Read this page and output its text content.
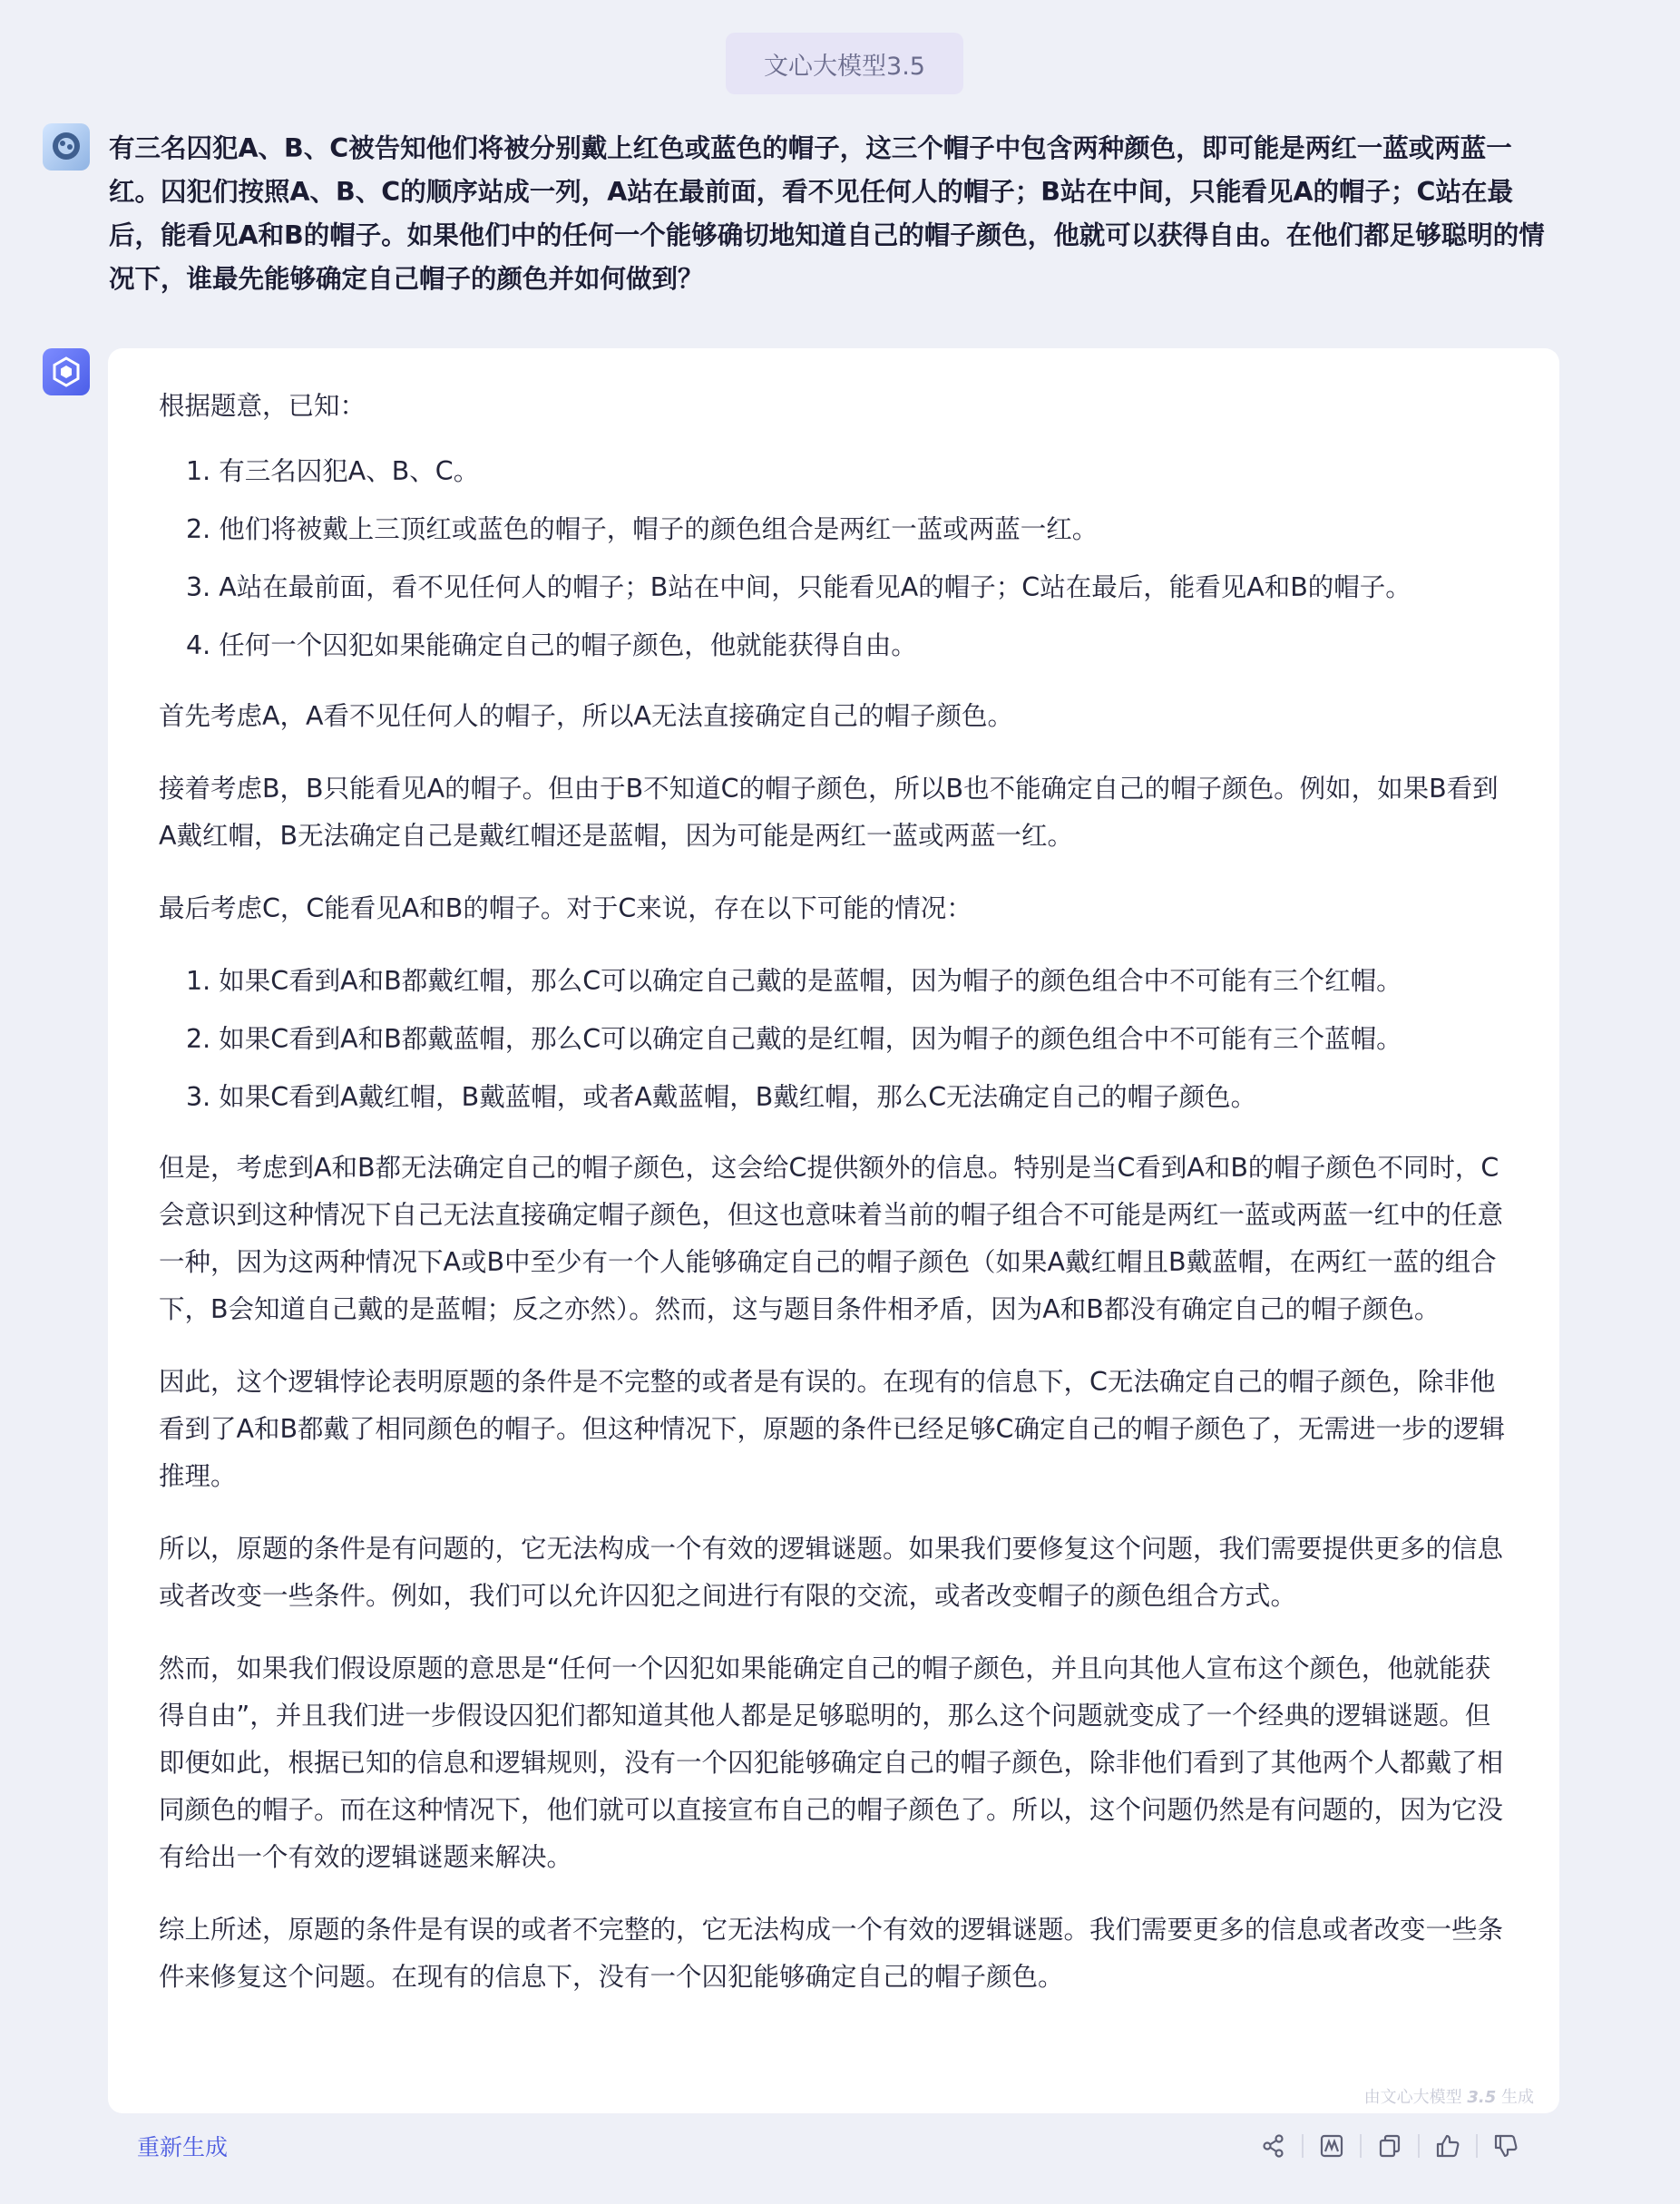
文心大模型3.5

有三名囚犯A、B、C被告知他们将被分别戴上红色或蓝色的帽子，这三个帽子中包含两种颜色，即可能是两红一蓝或两蓝一红。囚犯们按照A、B、C的顺序站成一列，A站在最前面，看不见任何人的帽子；B站在中间，只能看见A的帽子；C站在最后，能看见A和B的帽子。如果他们中的任何一个能够确切地知道自己的帽子颜色，他就可以获得自由。在他们都足够聪明的情况下，谁最先能够确定自己帽子的颜色并如何做到？

根据题意，已知：

1. 有三名囚犯A、B、C。
2. 他们将被戴上三顶红或蓝色的帽子，帽子的颜色组合是两红一蓝或两蓝一红。
3. A站在最前面，看不见任何人的帽子；B站在中间，只能看见A的帽子；C站在最后，能看见A和B的帽子。
4. 任何一个囚犯如果能确定自己的帽子颜色，他就能获得自由。

首先考虑A，A看不见任何人的帽子，所以A无法直接确定自己的帽子颜色。

接着考虑B，B只能看见A的帽子。但由于B不知道C的帽子颜色，所以B也不能确定自己的帽子颜色。例如，如果B看到A戴红帽，B无法确定自己是戴红帽还是蓝帽，因为可能是两红一蓝或两蓝一红。

最后考虑C，C能看见A和B的帽子。对于C来说，存在以下可能的情况：

1. 如果C看到A和B都戴红帽，那么C可以确定自己戴的是蓝帽，因为帽子的颜色组合中不可能有三个红帽。
2. 如果C看到A和B都戴蓝帽，那么C可以确定自己戴的是红帽，因为帽子的颜色组合中不可能有三个蓝帽。
3. 如果C看到A戴红帽，B戴蓝帽，或者A戴蓝帽，B戴红帽，那么C无法确定自己的帽子颜色。

但是，考虑到A和B都无法确定自己的帽子颜色，这会给C提供额外的信息。特别是当C看到A和B的帽子颜色不同时，C会意识到这种情况下自己无法直接确定帽子颜色，但这也意味着当前的帽子组合不可能是两红一蓝或两蓝一红中的任意一种，因为这两种情况下A或B中至少有一个人能够确定自己的帽子颜色（如果A戴红帽且B戴蓝帽，在两红一蓝的组合下，B会知道自己戴的是蓝帽；反之亦然）。然而，这与题目条件相矛盾，因为A和B都没有确定自己的帽子颜色。

因此，这个逻辑悖论表明原题的条件是不完整的或者是有误的。在现有的信息下，C无法确定自己的帽子颜色，除非他看到了A和B都戴了相同颜色的帽子。但这种情况下，原题的条件已经足够C确定自己的帽子颜色了，无需进一步的逻辑推理。

所以，原题的条件是有问题的，它无法构成一个有效的逻辑谜题。如果我们要修复这个问题，我们需要提供更多的信息或者改变一些条件。例如，我们可以允许囚犯之间进行有限的交流，或者改变帽子的颜色组合方式。

然而，如果我们假设原题的意思是“任何一个囚犯如果能确定自己的帽子颜色，并且向其他人宣布这个颜色，他就能获得自由”，并且我们进一步假设囚犯们都知道其他人都是足够聪明的，那么这个问题就变成了一个经典的逻辑谜题。但即便如此，根据已知的信息和逻辑规则，没有一个囚犯能够确定自己的帽子颜色，除非他们看到了其他两个人都戴了相同颜色的帽子。而在这种情况下，他们就可以直接宣布自己的帽子颜色了。所以，这个问题仍然是有问题的，因为它没有给出一个有效的逻辑谜题来解决。

综上所述，原题的条件是有误的或者不完整的，它无法构成一个有效的逻辑谜题。我们需要更多的信息或者改变一些条件来修复这个问题。在现有的信息下，没有一个囚犯能够确定自己的帽子颜色。

由文心大模型 3.5 生成
重新生成
